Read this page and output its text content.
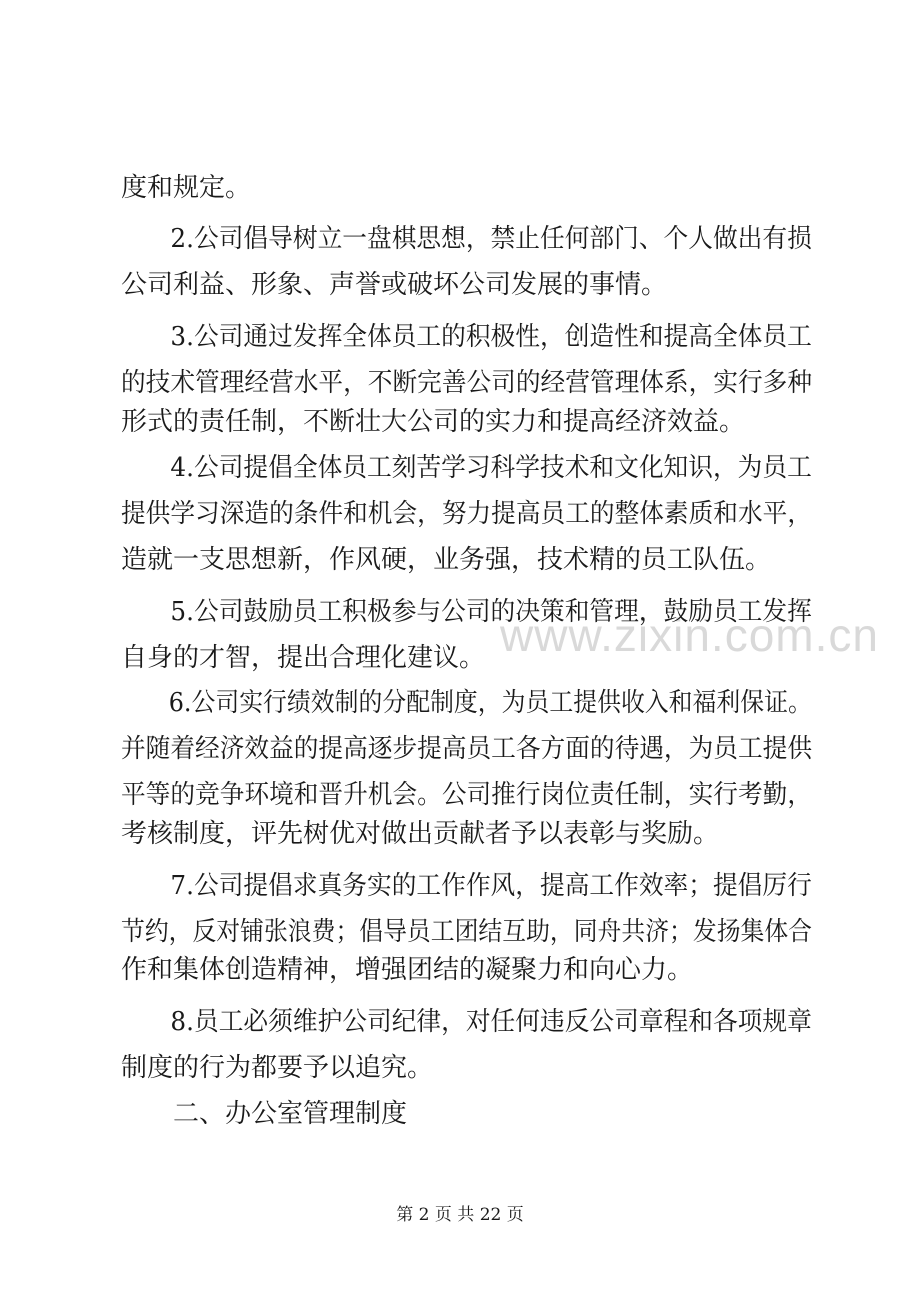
www.zixin.com.cn
度和规定。
　　2.公司倡导树立一盘棋思想，禁止任何部门、个人做出有损
公司利益、形象、声誉或破坏公司发展的事情。
　　3.公司通过发挥全体员工的积极性，创造性和提高全体员工
的技术管理经营水平，不断完善公司的经营管理体系，实行多种
形式的责任制，不断壮大公司的实力和提高经济效益。
　　4.公司提倡全体员工刻苦学习科学技术和文化知识，为员工
提供学习深造的条件和机会，努力提高员工的整体素质和水平，
造就一支思想新，作风硬，业务强，技术精的员工队伍。
　　5.公司鼓励员工积极参与公司的决策和管理，鼓励员工发挥
自身的才智，提出合理化建议。
　　6.公司实行绩效制的分配制度，为员工提供收入和福利保证。
并随着经济效益的提高逐步提高员工各方面的待遇，为员工提供
平等的竞争环境和晋升机会。公司推行岗位责任制，实行考勤，
考核制度，评先树优对做出贡献者予以表彰与奖励。
　　7.公司提倡求真务实的工作作风，提高工作效率；提倡厉行
节约，反对铺张浪费；倡导员工团结互助，同舟共济；发扬集体合
作和集体创造精神，增强团结的凝聚力和向心力。
　　8.员工必须维护公司纪律，对任何违反公司章程和各项规章
制度的行为都要予以追究。
　　二、办公室管理制度
第 2 页 共 22 页
